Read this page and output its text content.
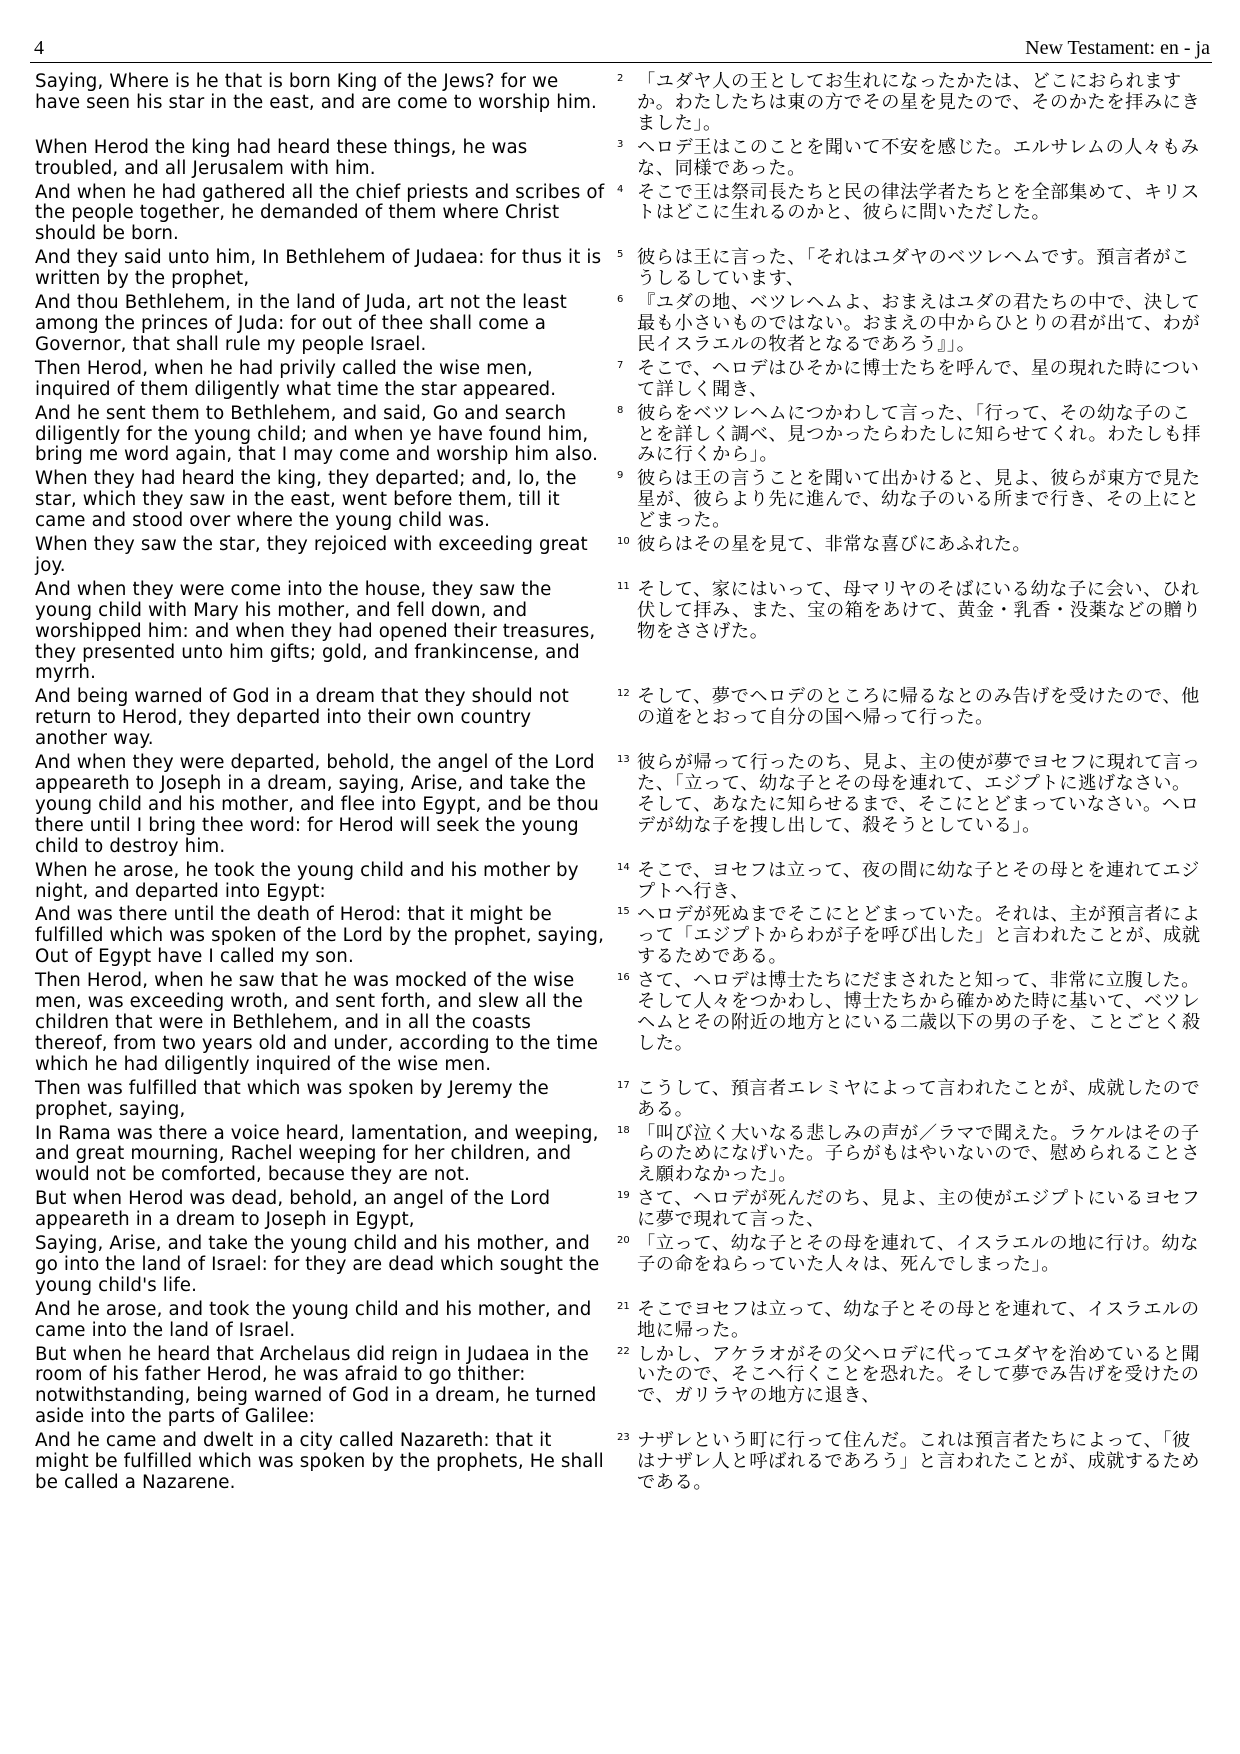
4	New Testament: en - ja
Saying, Where is he that is born King of the Jews? for we have seen his star in the east, and are come to worship him.
2 「ユダヤ人の王としてお生れになったかたは、どこにおられますか。わたしたちは東の方でその星を見たので、そのかたを拝みにきました」。
When Herod the king had heard these things, he was troubled, and all Jerusalem with him.
3 ヘロデ王はこのことを聞いて不安を感じた。エルサレムの人々もみな、同様であった。
And when he had gathered all the chief priests and scribes of the people together, he demanded of them where Christ should be born.
4 そこで王は祭司長たちと民の律法学者たちとを全部集めて、キリストはどこに生れるのかと、彼らに問いただした。
And they said unto him, In Bethlehem of Judaea: for thus it is written by the prophet,
5 彼らは王に言った、「それはユダヤのベツレヘムです。預言者がこうしるしています、
And thou Bethlehem, in the land of Juda, art not the least among the princes of Juda: for out of thee shall come a Governor, that shall rule my people Israel.
6 『ユダの地、ベツレヘムよ、おまえはユダの君たちの中で、決して最も小さいものではない。おまえの中からひとりの君が出て、わが民イスラエルの牧者となるであろう』」。
Then Herod, when he had privily called the wise men, inquired of them diligently what time the star appeared.
7 そこで、ヘロデはひそかに博士たちを呼んで、星の現れた時について詳しく聞き、
And he sent them to Bethlehem, and said, Go and search diligently for the young child; and when ye have found him, bring me word again, that I may come and worship him also.
8 彼らをベツレヘムにつかわして言った、「行って、その幼な子のことを詳しく調べ、見つかったらわたしに知らせてくれ。わたしも拝みに行くから」。
When they had heard the king, they departed; and, lo, the star, which they saw in the east, went before them, till it came and stood over where the young child was.
9 彼らは王の言うことを聞いて出かけると、見よ、彼らが東方で見た星が、彼らより先に進んで、幼な子のいる所まで行き、その上にとどまった。
When they saw the star, they rejoiced with exceeding great joy.
10 彼らはその星を見て、非常な喜びにあふれた。
And when they were come into the house, they saw the young child with Mary his mother, and fell down, and worshipped him: and when they had opened their treasures, they presented unto him gifts; gold, and frankincense, and myrrh.
11 そして、家にはいって、母マリヤのそばにいる幼な子に会い、ひれ伏して拝み、また、宝の箱をあけて、黄金・乳香・没薬などの贈り物をささげた。
And being warned of God in a dream that they should not return to Herod, they departed into their own country another way.
12 そして、夢でヘロデのところに帰るなとのみ告げを受けたので、他の道をとおって自分の国へ帰って行った。
And when they were departed, behold, the angel of the Lord appeareth to Joseph in a dream, saying, Arise, and take the young child and his mother, and flee into Egypt, and be thou there until I bring thee word: for Herod will seek the young child to destroy him.
13 彼らが帰って行ったのち、見よ、主の使が夢でヨセフに現れて言った、「立って、幼な子とその母を連れて、エジプトに逃げなさい。そして、あなたに知らせるまで、そこにとどまっていなさい。ヘロデが幼な子を捜し出して、殺そうとしている」。
When he arose, he took the young child and his mother by night, and departed into Egypt:
14 そこで、ヨセフは立って、夜の間に幼な子とその母とを連れてエジプトへ行き、
And was there until the death of Herod: that it might be fulfilled which was spoken of the Lord by the prophet, saying, Out of Egypt have I called my son.
15 ヘロデが死ぬまでそこにとどまっていた。それは、主が預言者によって「エジプトからわが子を呼び出した」と言われたことが、成就するためである。
Then Herod, when he saw that he was mocked of the wise men, was exceeding wroth, and sent forth, and slew all the children that were in Bethlehem, and in all the coasts thereof, from two years old and under, according to the time which he had diligently inquired of the wise men.
16 さて、ヘロデは博士たちにだまされたと知って、非常に立腹した。そして人々をつかわし、博士たちから確かめた時に基いて、ベツレヘムとその附近の地方とにいる二歳以下の男の子を、ことごとく殺した。
Then was fulfilled that which was spoken by Jeremy the prophet, saying,
17 こうして、預言者エレミヤによって言われたことが、成就したのである。
In Rama was there a voice heard, lamentation, and weeping, and great mourning, Rachel weeping for her children, and would not be comforted, because they are not.
18 「叫び泣く大いなる悲しみの声が／ラマで聞えた。ラケルはその子らのためになげいた。子らがもはやいないので、慰められることさえ願わなかった」。
But when Herod was dead, behold, an angel of the Lord appeareth in a dream to Joseph in Egypt,
19 さて、ヘロデが死んだのち、見よ、主の使がエジプトにいるヨセフに夢で現れて言った、
Saying, Arise, and take the young child and his mother, and go into the land of Israel: for they are dead which sought the young child's life.
20 「立って、幼な子とその母を連れて、イスラエルの地に行け。幼な子の命をねらっていた人々は、死んでしまった」。
And he arose, and took the young child and his mother, and came into the land of Israel.
21 そこでヨセフは立って、幼な子とその母とを連れて、イスラエルの地に帰った。
But when he heard that Archelaus did reign in Judaea in the room of his father Herod, he was afraid to go thither: notwithstanding, being warned of God in a dream, he turned aside into the parts of Galilee:
22 しかし、アケラオがその父ヘロデに代ってユダヤを治めていると聞いたので、そこへ行くことを恐れた。そして夢でみ告げを受けたので、ガリラヤの地方に退き、
And he came and dwelt in a city called Nazareth: that it might be fulfilled which was spoken by the prophets, He shall be called a Nazarene.
23 ナザレという町に行って住んだ。これは預言者たちによって、「彼はナザレ人と呼ばれるであろう」と言われたことが、成就するためである。
